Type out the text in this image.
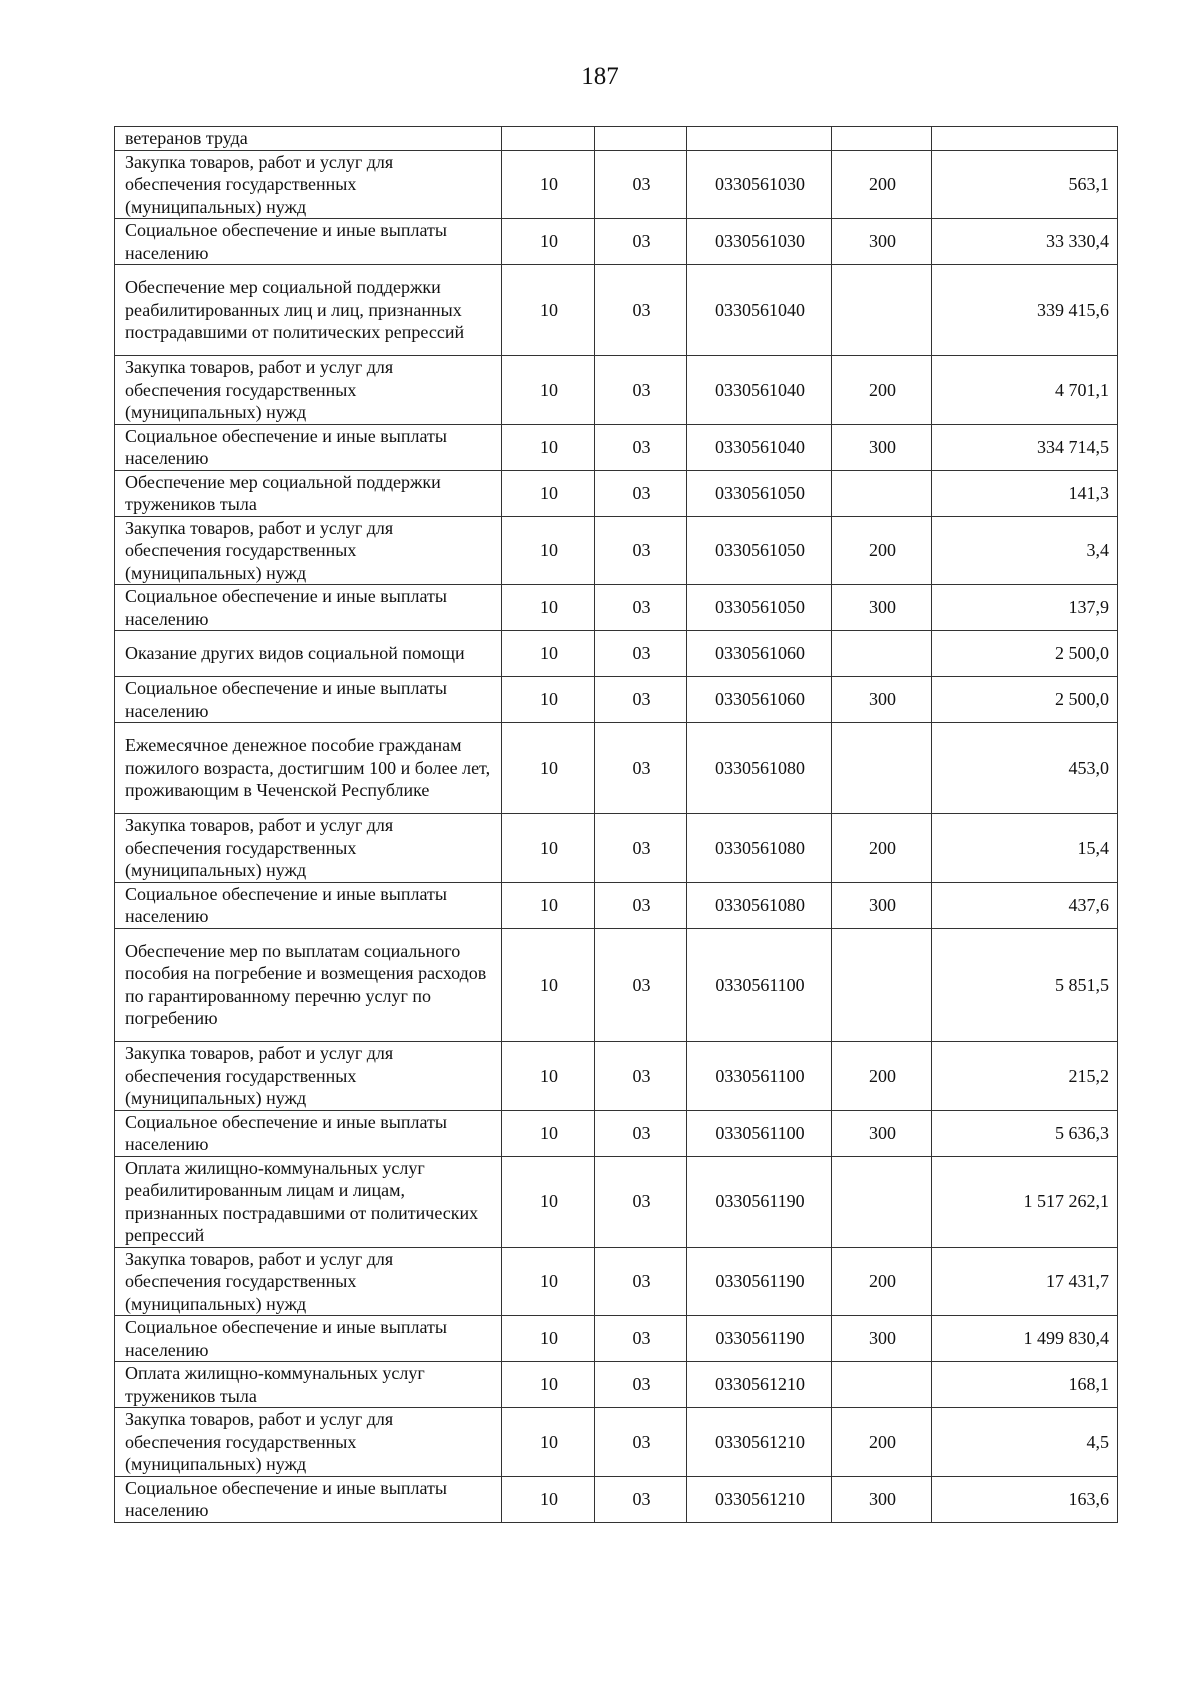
187
ветеранов труда					
Закупка товаров, работ и услуг для обеспечения государственных (муниципальных) нужд	10	03	0330561030	200	563,1
Социальное обеспечение и иные выплаты населению	10	03	0330561030	300	33 330,4
Обеспечение мер социальной поддержки реабилитированных лиц и лиц, признанных пострадавшими от политических репрессий	10	03	0330561040		339 415,6
Закупка товаров, работ и услуг для обеспечения государственных (муниципальных) нужд	10	03	0330561040	200	4 701,1
Социальное обеспечение и иные выплаты населению	10	03	0330561040	300	334 714,5
Обеспечение мер социальной поддержки тружеников тыла	10	03	0330561050		141,3
Закупка товаров, работ и услуг для обеспечения государственных (муниципальных) нужд	10	03	0330561050	200	3,4
Социальное обеспечение и иные выплаты населению	10	03	0330561050	300	137,9
Оказание других видов социальной помощи	10	03	0330561060		2 500,0
Социальное обеспечение и иные выплаты населению	10	03	0330561060	300	2 500,0
Ежемесячное денежное пособие гражданам пожилого возраста, достигшим 100 и более лет, проживающим в Чеченской Республике	10	03	0330561080		453,0
Закупка товаров, работ и услуг для обеспечения государственных (муниципальных) нужд	10	03	0330561080	200	15,4
Социальное обеспечение и иные выплаты населению	10	03	0330561080	300	437,6
Обеспечение мер по выплатам социального пособия на погребение и возмещения расходов по гарантированному перечню услуг по погребению	10	03	0330561100		5 851,5
Закупка товаров, работ и услуг для обеспечения государственных (муниципальных) нужд	10	03	0330561100	200	215,2
Социальное обеспечение и иные выплаты населению	10	03	0330561100	300	5 636,3
Оплата жилищно-коммунальных услуг реабилитированным лицам и лицам, признанных пострадавшими от политических репрессий	10	03	0330561190		1 517 262,1
Закупка товаров, работ и услуг для обеспечения государственных (муниципальных) нужд	10	03	0330561190	200	17 431,7
Социальное обеспечение и иные выплаты населению	10	03	0330561190	300	1 499 830,4
Оплата жилищно-коммунальных услуг тружеников тыла	10	03	0330561210		168,1
Закупка товаров, работ и услуг для обеспечения государственных (муниципальных) нужд	10	03	0330561210	200	4,5
Социальное обеспечение и иные выплаты населению	10	03	0330561210	300	163,6
